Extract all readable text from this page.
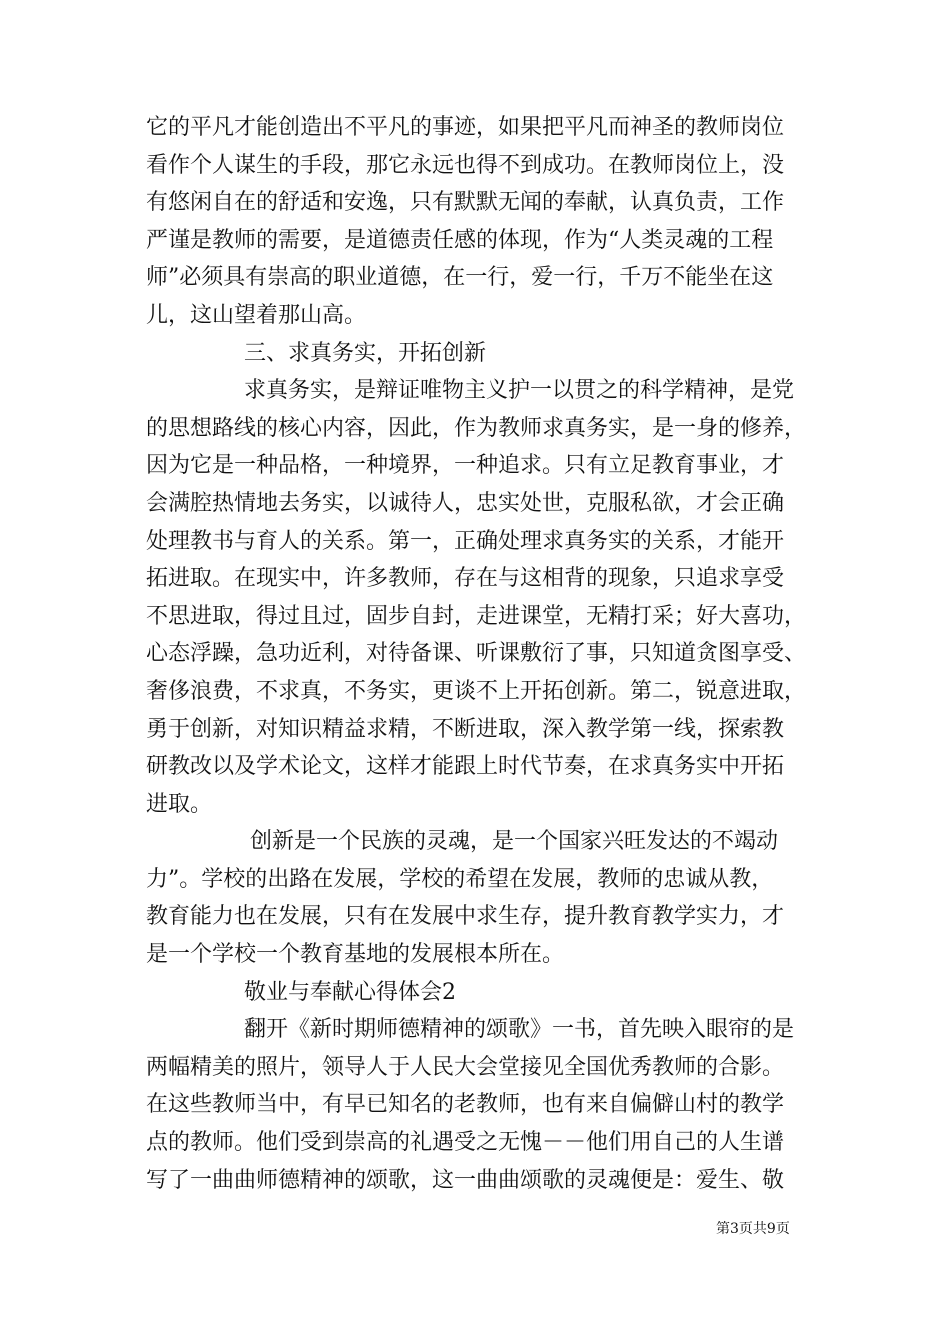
它的平凡才能创造出不平凡的事迹，如果把平凡而神圣的教师岗位
看作个人谋生的手段，那它永远也得不到成功。在教师岗位上，没
有悠闲自在的舒适和安逸，只有默默无闻的奉献，认真负责，工作
严谨是教师的需要，是道德责任感的体现，作为“人类灵魂的工程
师”必须具有崇高的职业道德，在一行，爱一行，千万不能坐在这
儿，这山望着那山高。
三、求真务实，开拓创新
求真务实，是辩证唯物主义护一以贯之的科学精神，是党
的思想路线的核心内容，因此，作为教师求真务实，是一身的修养，
因为它是一种品格，一种境界，一种追求。只有立足教育事业，才
会满腔热情地去务实，以诚待人，忠实处世，克服私欲，才会正确
处理教书与育人的关系。第一，正确处理求真务实的关系，才能开
拓进取。在现实中，许多教师，存在与这相背的现象，只追求享受
不思进取，得过且过，固步自封，走进课堂，无精打采；好大喜功，
心态浮躁，急功近利，对待备课、听课敷衍了事，只知道贪图享受、
奢侈浪费，不求真，不务实，更谈不上开拓创新。第二，锐意进取，
勇于创新，对知识精益求精，不断进取，深入教学第一线，探索教
研教改以及学术论文，这样才能跟上时代节奏，在求真务实中开拓
进取。
创新是一个民族的灵魂，是一个国家兴旺发达的不竭动
力”。学校的出路在发展，学校的希望在发展，教师的忠诚从教，
教育能力也在发展，只有在发展中求生存，提升教育教学实力，才
是一个学校一个教育基地的发展根本所在。
敬业与奉献心得体会2
翻开《新时期师德精神的颂歌》一书，首先映入眼帘的是
两幅精美的照片，领导人于人民大会堂接见全国优秀教师的合影。
在这些教师当中，有早已知名的老教师，也有来自偏僻山村的教学
点的教师。他们受到崇高的礼遇受之无愧－－他们用自己的人生谱
写了一曲曲师德精神的颂歌，这一曲曲颂歌的灵魂便是：爱生、敬
第3页共9页
